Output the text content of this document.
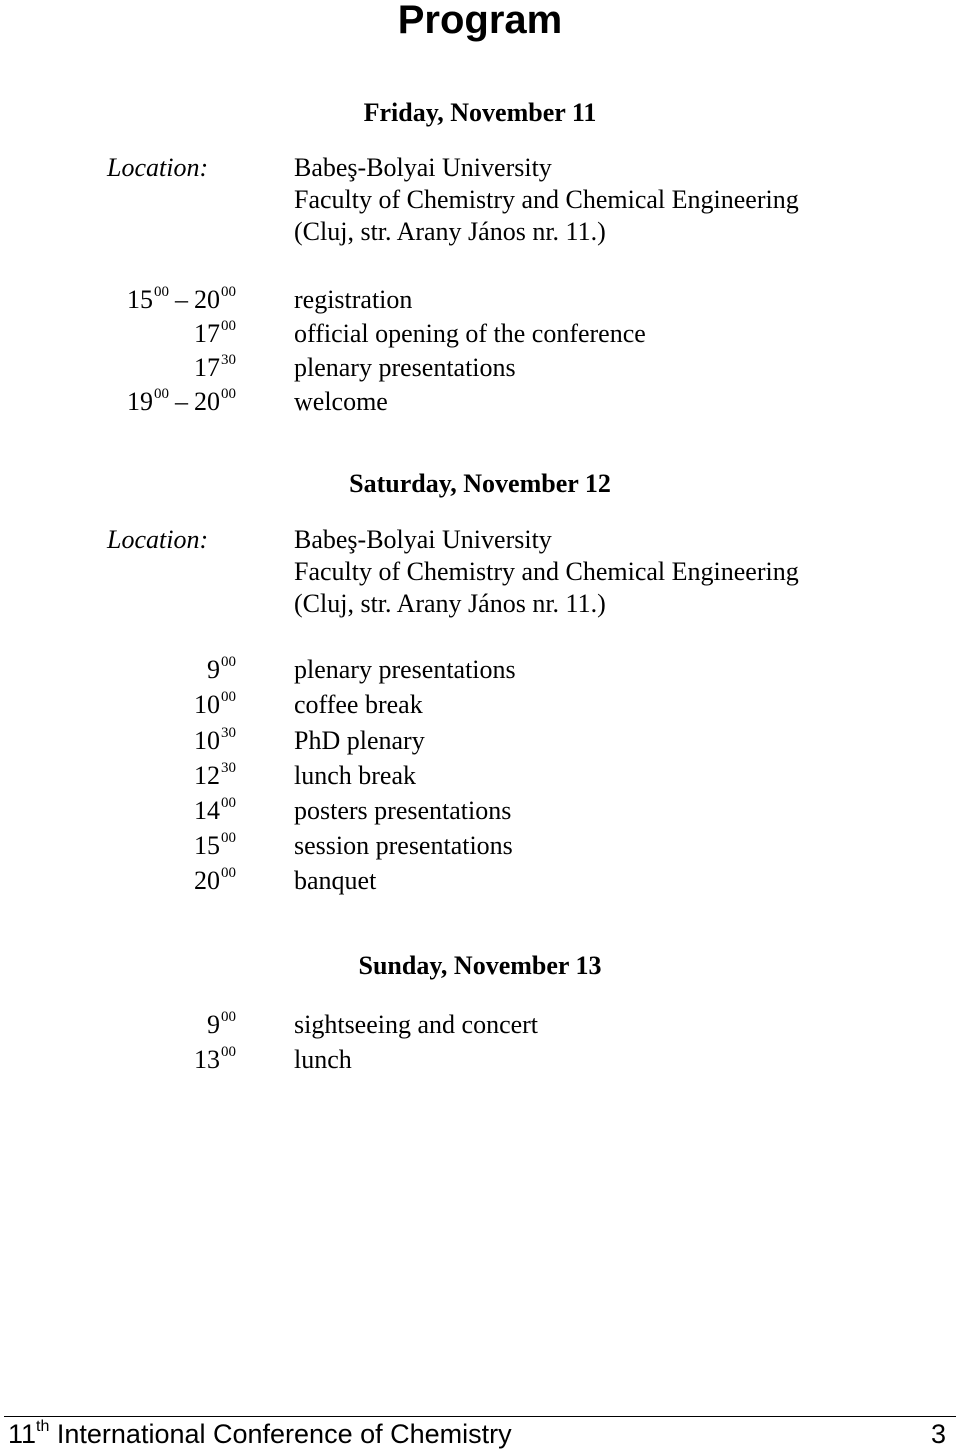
Program
Friday, November 11
Location:	Babeş-Bolyai University
Faculty of Chemistry and Chemical Engineering
(Cluj, str. Arany János nr. 11.)
$15^{00} - 20^{00}$ registration
$17^{00}$ official opening of the conference
$17^{30}$ plenary presentations
$19^{00} - 20^{00}$ welcome
Saturday, November 12
Location:	Babeş-Bolyai University
Faculty of Chemistry and Chemical Engineering
(Cluj, str. Arany János nr. 11.)
$9^{00}$ plenary presentations
$10^{00}$ coffee break
$10^{30}$ PhD plenary
$12^{30}$ lunch break
$14^{00}$ posters presentations
$15^{00}$ session presentations
$20^{00}$ banquet
Sunday, November 13
$9^{00}$ sightseeing and concert
$13^{00}$ lunch
11th International Conference of Chemistry	3
